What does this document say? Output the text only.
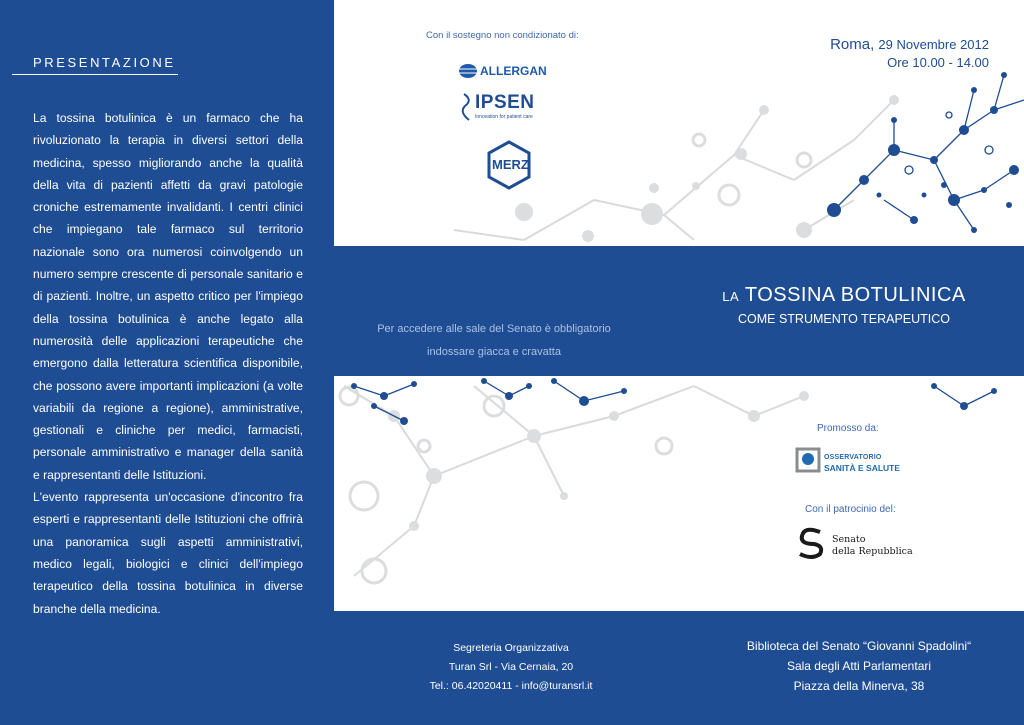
PRESENTAZIONE

La tossina botulinica è un farmaco che ha rivoluzionato la terapia in diversi settori della medicina, spesso migliorando anche la qualità della vita di pazienti affetti da gravi patologie croniche estremamente invalidanti. I centri clinici che impiegano tale farmaco sul territorio nazionale sono ora numerosi coinvolgendo un numero sempre crescente di personale sanitario e di pazienti. Inoltre, un aspetto critico per l'impiego della tossina botulinica è anche legato alla numerosità delle applicazioni terapeutiche che emergono dalla letteratura scientifica disponibile, che possono avere importanti implicazioni (a volte variabili da regione a regione), amministrative, gestionali e cliniche per medici, farmacisti, personale amministrativo e manager della sanità e rappresentanti delle Istituzioni.

L'evento rappresenta un'occasione d'incontro fra esperti e rappresentanti delle Istituzioni che offrirà una panoramica sugli aspetti amministrativi, medico legali, biologici e clinici dell'impiego terapeutico della tossina botulinica in diverse branche della medicina.

Con il sostegno non condizionato di:
ALLERGAN
IPSEN
Innovation for patient care
MERZ
Roma, 29 Novembre 2012
Ore 10.00 - 14.00
Per accedere alle sale del Senato è obbligatorio
indossare giacca e cravatta
LA TOSSINA BOTULINICA
COME STRUMENTO TERAPEUTICO
Promosso da:
OSSERVATORIO
SANITÀ E SALUTE
Con il patrocinio del:
Senato
della Repubblica
Segreteria Organizzativa
Turan Srl - Via Cernaia, 20
Tel.: 06.42020411 - info@turansrl.it
Biblioteca del Senato “Giovanni Spadolini“
Sala degli Atti Parlamentari
Piazza della Minerva, 38
